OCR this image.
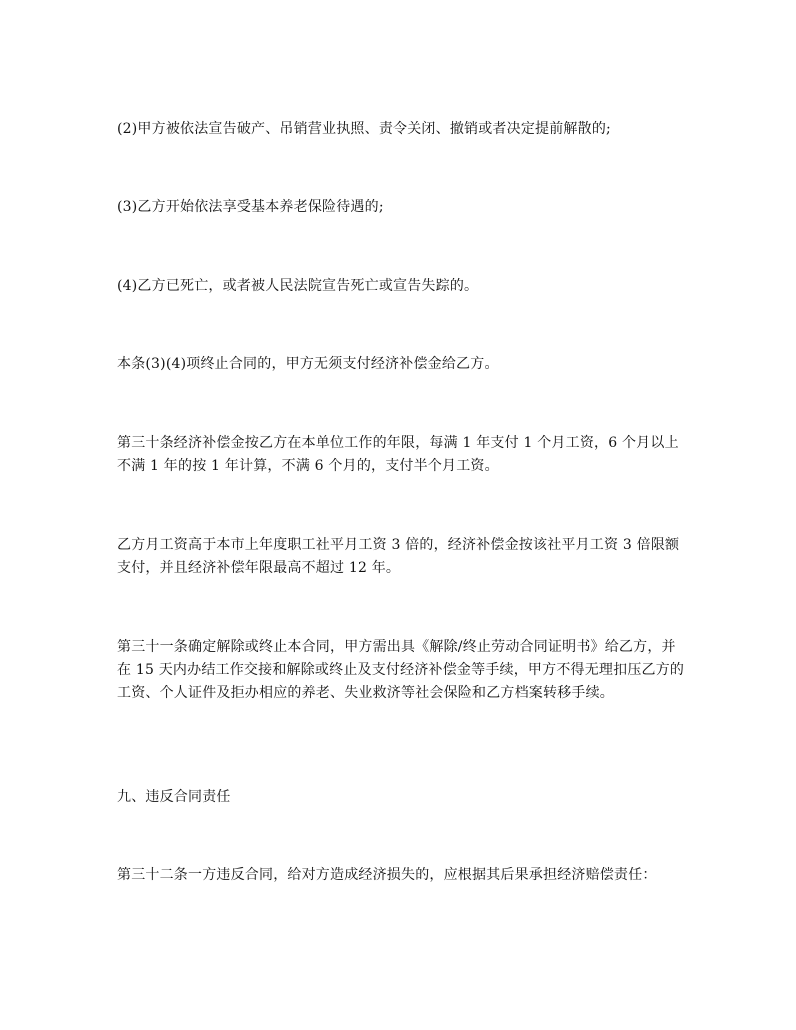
(2)甲方被依法宣告破产、吊销营业执照、责令关闭、撤销或者决定提前解散的;

(3)乙方开始依法享受基本养老保险待遇的;

(4)乙方已死亡，或者被人民法院宣告死亡或宣告失踪的。

本条(3)(4)项终止合同的，甲方无须支付经济补偿金给乙方。

第三十条经济补偿金按乙方在本单位工作的年限，每满 1 年支付 1 个月工资，6 个月以上不满 1 年的按 1 年计算，不满 6 个月的，支付半个月工资。

乙方月工资高于本市上年度职工社平月工资 3 倍的，经济补偿金按该社平月工资 3 倍限额支付，并且经济补偿年限最高不超过 12 年。

第三十一条确定解除或终止本合同，甲方需出具《解除/终止劳动合同证明书》给乙方，并在 15 天内办结工作交接和解除或终止及支付经济补偿金等手续，甲方不得无理扣压乙方的工资、个人证件及拒办相应的养老、失业救济等社会保险和乙方档案转移手续。

九、违反合同责任

第三十二条一方违反合同，给对方造成经济损失的，应根据其后果承担经济赔偿责任：
